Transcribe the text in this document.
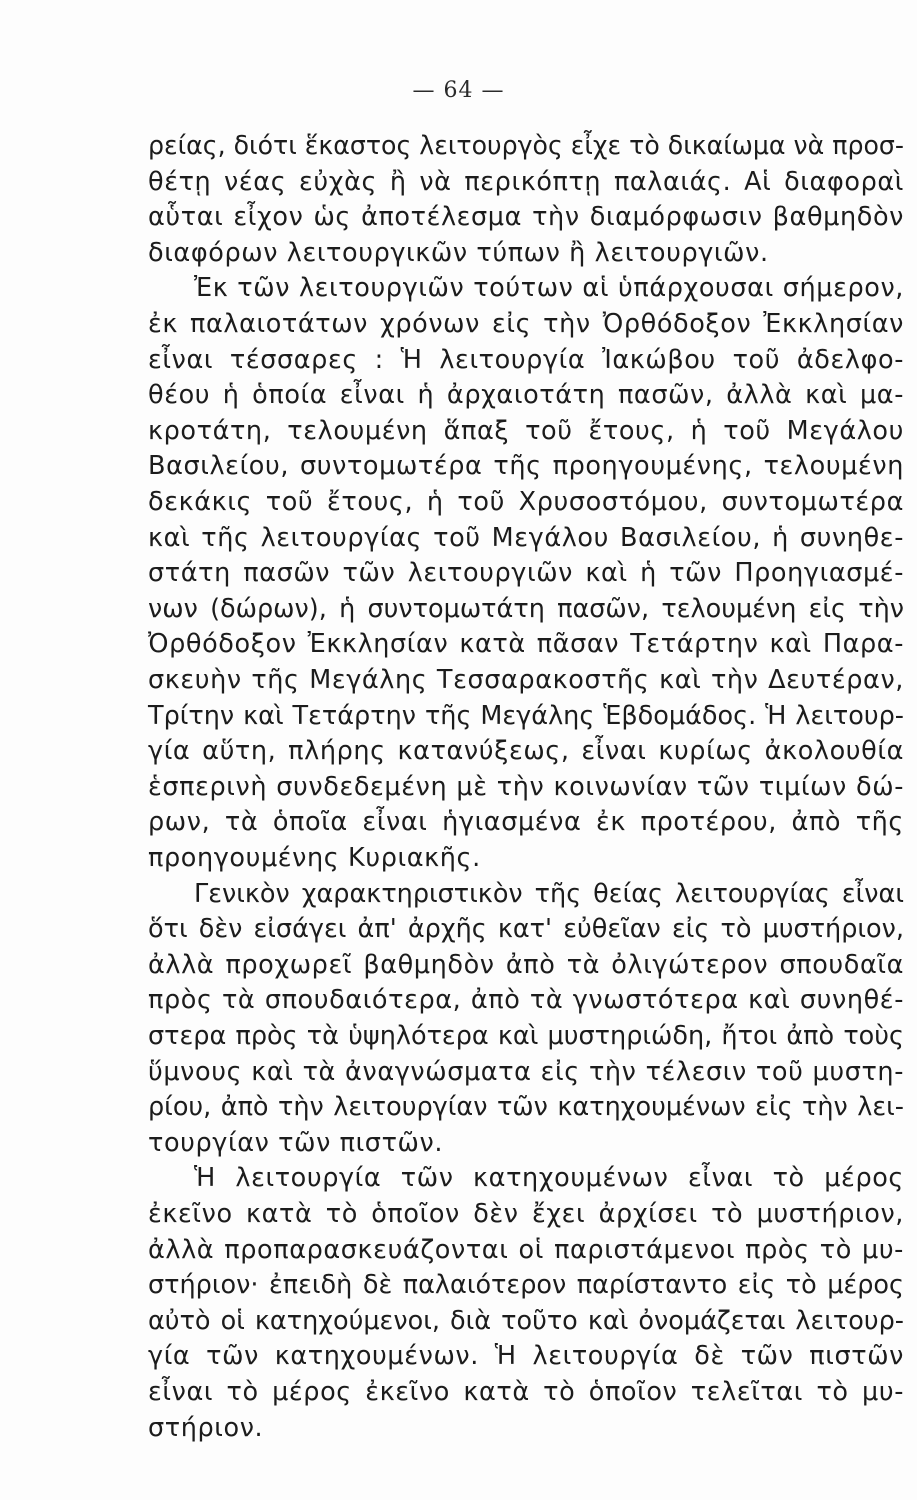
— 64 —
ρείας, διότι ἕκαστος λειτουργὸς εἶχε τὸ δικαίωμα νὰ προσ-
θέτῃ νέας εὐχὰς ἢ νὰ περικόπτῃ παλαιάς. Αἱ διαφοραὶ
αὗται εἶχον ὡς ἀποτέλεσμα τὴν διαμόρφωσιν βαθμηδὸν
διαφόρων λειτουργικῶν τύπων ἢ λειτουργιῶν.
Ἐκ τῶν λειτουργιῶν τούτων αἱ ὑπάρχουσαι σήμερον,
ἐκ παλαιοτάτων χρόνων εἰς τὴν Ὀρθόδοξον Ἐκκλησίαν
εἶναι τέσσαρες : Ἡ λειτουργία Ἰακώβου τοῦ ἀδελφο-
θέου ἡ ὁποία εἶναι ἡ ἀρχαιοτάτη πασῶν, ἀλλὰ καὶ μα-
κροτάτη, τελουμένη ἅπαξ τοῦ ἔτους, ἡ τοῦ Μεγάλου
Βασιλείου, συντομωτέρα τῆς προηγουμένης, τελουμένη
δεκάκις τοῦ ἔτους, ἡ τοῦ Χρυσοστόμου, συντομωτέρα
καὶ τῆς λειτουργίας τοῦ Μεγάλου Βασιλείου, ἡ συνηθε-
στάτη πασῶν τῶν λειτουργιῶν καὶ ἡ τῶν Προηγιασμέ-
νων (δώρων), ἡ συντομωτάτη πασῶν, τελουμένη εἰς τὴν
Ὀρθόδοξον Ἐκκλησίαν κατὰ πᾶσαν Τετάρτην καὶ Παρα-
σκευὴν τῆς Μεγάλης Τεσσαρακοστῆς καὶ τὴν Δευτέραν,
Τρίτην καὶ Τετάρτην τῆς Μεγάλης Ἑβδομάδος. Ἡ λειτουρ-
γία αὕτη, πλήρης κατανύξεως, εἶναι κυρίως ἀκολουθία
ἑσπερινὴ συνδεδεμένη μὲ τὴν κοινωνίαν τῶν τιμίων δώ-
ρων, τὰ ὁποῖα εἶναι ἡγιασμένα ἐκ προτέρου, ἀπὸ τῆς
προηγουμένης Κυριακῆς.
Γενικὸν χαρακτηριστικὸν τῆς θείας λειτουργίας εἶναι
ὅτι δὲν εἰσάγει ἀπ' ἀρχῆς κατ' εὐθεῖαν εἰς τὸ μυστήριον,
ἀλλὰ προχωρεῖ βαθμηδὸν ἀπὸ τὰ ὀλιγώτερον σπουδαῖα
πρὸς τὰ σπουδαιότερα, ἀπὸ τὰ γνωστότερα καὶ συνηθέ-
στερα πρὸς τὰ ὑψηλότερα καὶ μυστηριώδη, ἤτοι ἀπὸ τοὺς
ὕμνους καὶ τὰ ἀναγνώσματα εἰς τὴν τέλεσιν τοῦ μυστη-
ρίου, ἀπὸ τὴν λειτουργίαν τῶν κατηχουμένων εἰς τὴν λει-
τουργίαν τῶν πιστῶν.
Ἡ λειτουργία τῶν κατηχουμένων εἶναι τὸ μέρος
ἐκεῖνο κατὰ τὸ ὁποῖον δὲν ἔχει ἀρχίσει τὸ μυστήριον,
ἀλλὰ προπαρασκευάζονται οἱ παριστάμενοι πρὸς τὸ μυ-
στήριον· ἐπειδὴ δὲ παλαιότερον παρίσταντο εἰς τὸ μέρος
αὐτὸ οἱ κατηχούμενοι, διὰ τοῦτο καὶ ὀνομάζεται λειτουρ-
γία τῶν κατηχουμένων. Ἡ λειτουργία δὲ τῶν πιστῶν
εἶναι τὸ μέρος ἐκεῖνο κατὰ τὸ ὁποῖον τελεῖται τὸ μυ-
στήριον.
